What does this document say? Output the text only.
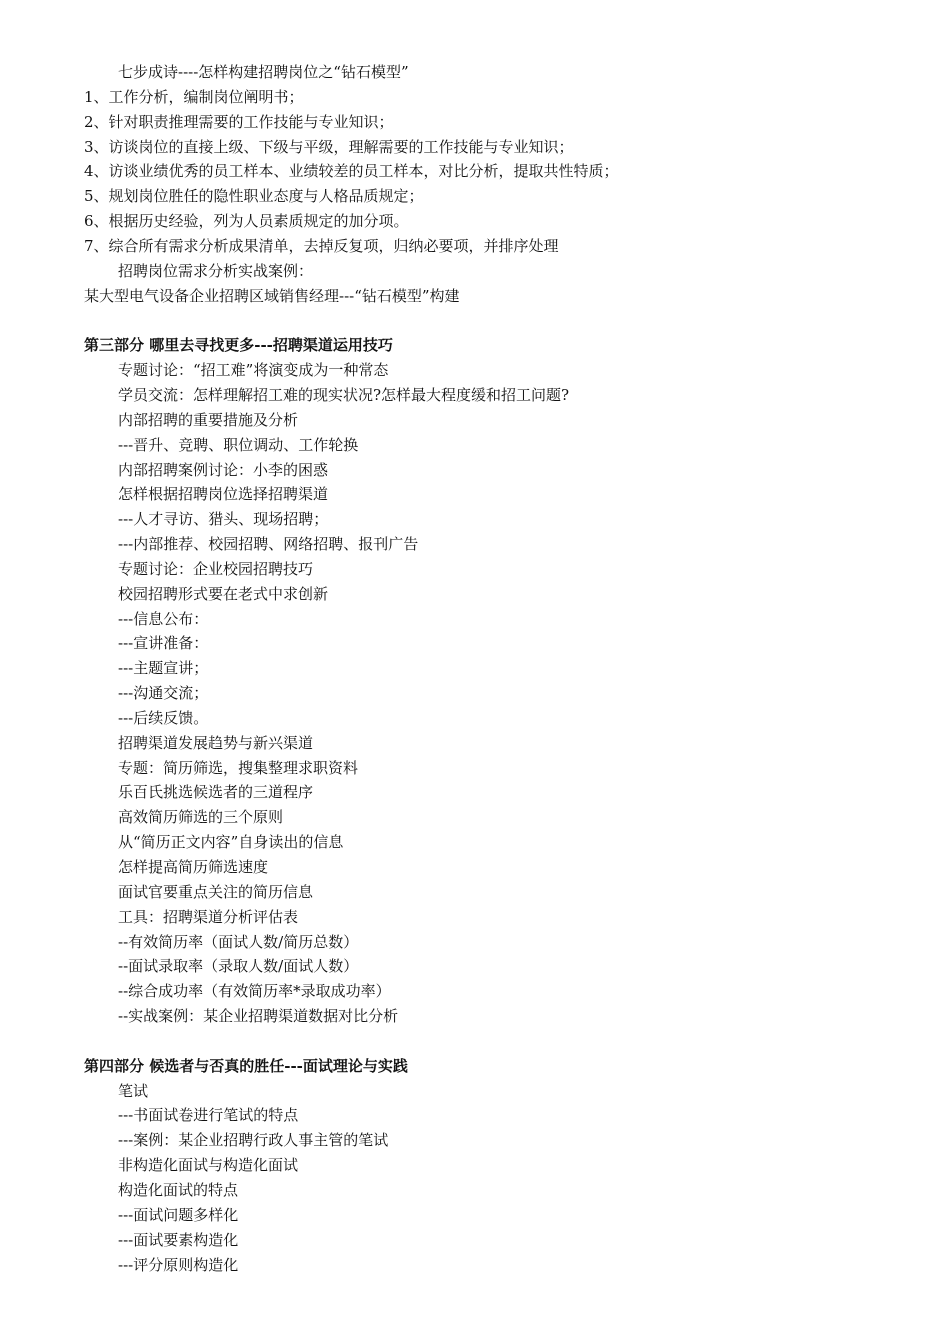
七步成诗----怎样构建招聘岗位之“钻石模型”
1、工作分析，编制岗位阐明书；
2、针对职责推理需要的工作技能与专业知识；
3、访谈岗位的直接上级、下级与平级，理解需要的工作技能与专业知识；
4、访谈业绩优秀的员工样本、业绩较差的员工样本，对比分析，提取共性特质；
5、规划岗位胜任的隐性职业态度与人格品质规定；
6、根据历史经验，列为人员素质规定的加分项。
7、综合所有需求分析成果清单，去掉反复项，归纳必要项，并排序处理
招聘岗位需求分析实战案例：
某大型电气设备企业招聘区域销售经理---“钻石模型”构建
第三部分 哪里去寻找更多---招聘渠道运用技巧
专题讨论：“招工难”将演变成为一种常态
学员交流：怎样理解招工难的现实状况?怎样最大程度缓和招工问题?
内部招聘的重要措施及分析
---晋升、竞聘、职位调动、工作轮换
内部招聘案例讨论：小李的困惑
怎样根据招聘岗位选择招聘渠道
---人才寻访、猎头、现场招聘；
---内部推荐、校园招聘、网络招聘、报刊广告
专题讨论：企业校园招聘技巧
校园招聘形式要在老式中求创新
---信息公布：
---宣讲准备：
---主题宣讲；
---沟通交流；
---后续反馈。
招聘渠道发展趋势与新兴渠道
专题：简历筛选，搜集整理求职资料
乐百氏挑选候选者的三道程序
高效简历筛选的三个原则
从“简历正文内容”自身读出的信息
怎样提高简历筛选速度
面试官要重点关注的简历信息
工具：招聘渠道分析评估表
--有效简历率（面试人数/简历总数）
--面试录取率（录取人数/面试人数）
--综合成功率（有效简历率*录取成功率）
--实战案例：某企业招聘渠道数据对比分析
第四部分 候选者与否真的胜任---面试理论与实践
笔试
---书面试卷进行笔试的特点
---案例：某企业招聘行政人事主管的笔试
非构造化面试与构造化面试
构造化面试的特点
---面试问题多样化
---面试要素构造化
---评分原则构造化
